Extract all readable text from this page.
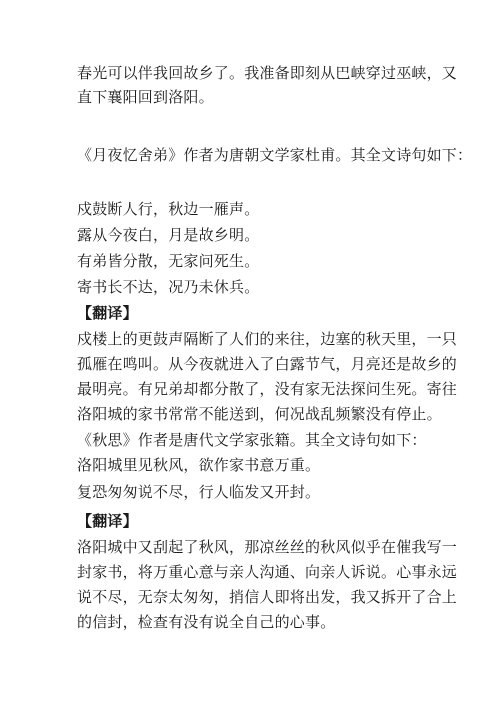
春光可以伴我回故乡了。我准备即刻从巴峡穿过巫峡，又

直下襄阳回到洛阳。

《月夜忆舍弟》作者为唐朝文学家杜甫。其全文诗句如下：

戍鼓断人行，秋边一雁声。

露从今夜白，月是故乡明。

有弟皆分散，无家问死生。

寄书长不达，况乃未休兵。

【翻译】

戍楼上的更鼓声隔断了人们的来往，边塞的秋天里，一只

孤雁在鸣叫。从今夜就进入了白露节气，月亮还是故乡的

最明亮。有兄弟却都分散了，没有家无法探问生死。寄往

洛阳城的家书常常不能送到，何况战乱频繁没有停止。

《秋思》作者是唐代文学家张籍。其全文诗句如下：

洛阳城里见秋风，欲作家书意万重。

复恐匆匆说不尽，行人临发又开封。

【翻译】

洛阳城中又刮起了秋风，那凉丝丝的秋风似乎在催我写一

封家书，将万重心意与亲人沟通、向亲人诉说。心事永远

说不尽，无奈太匆匆，捎信人即将出发，我又拆开了合上

的信封，检查有没有说全自己的心事。
